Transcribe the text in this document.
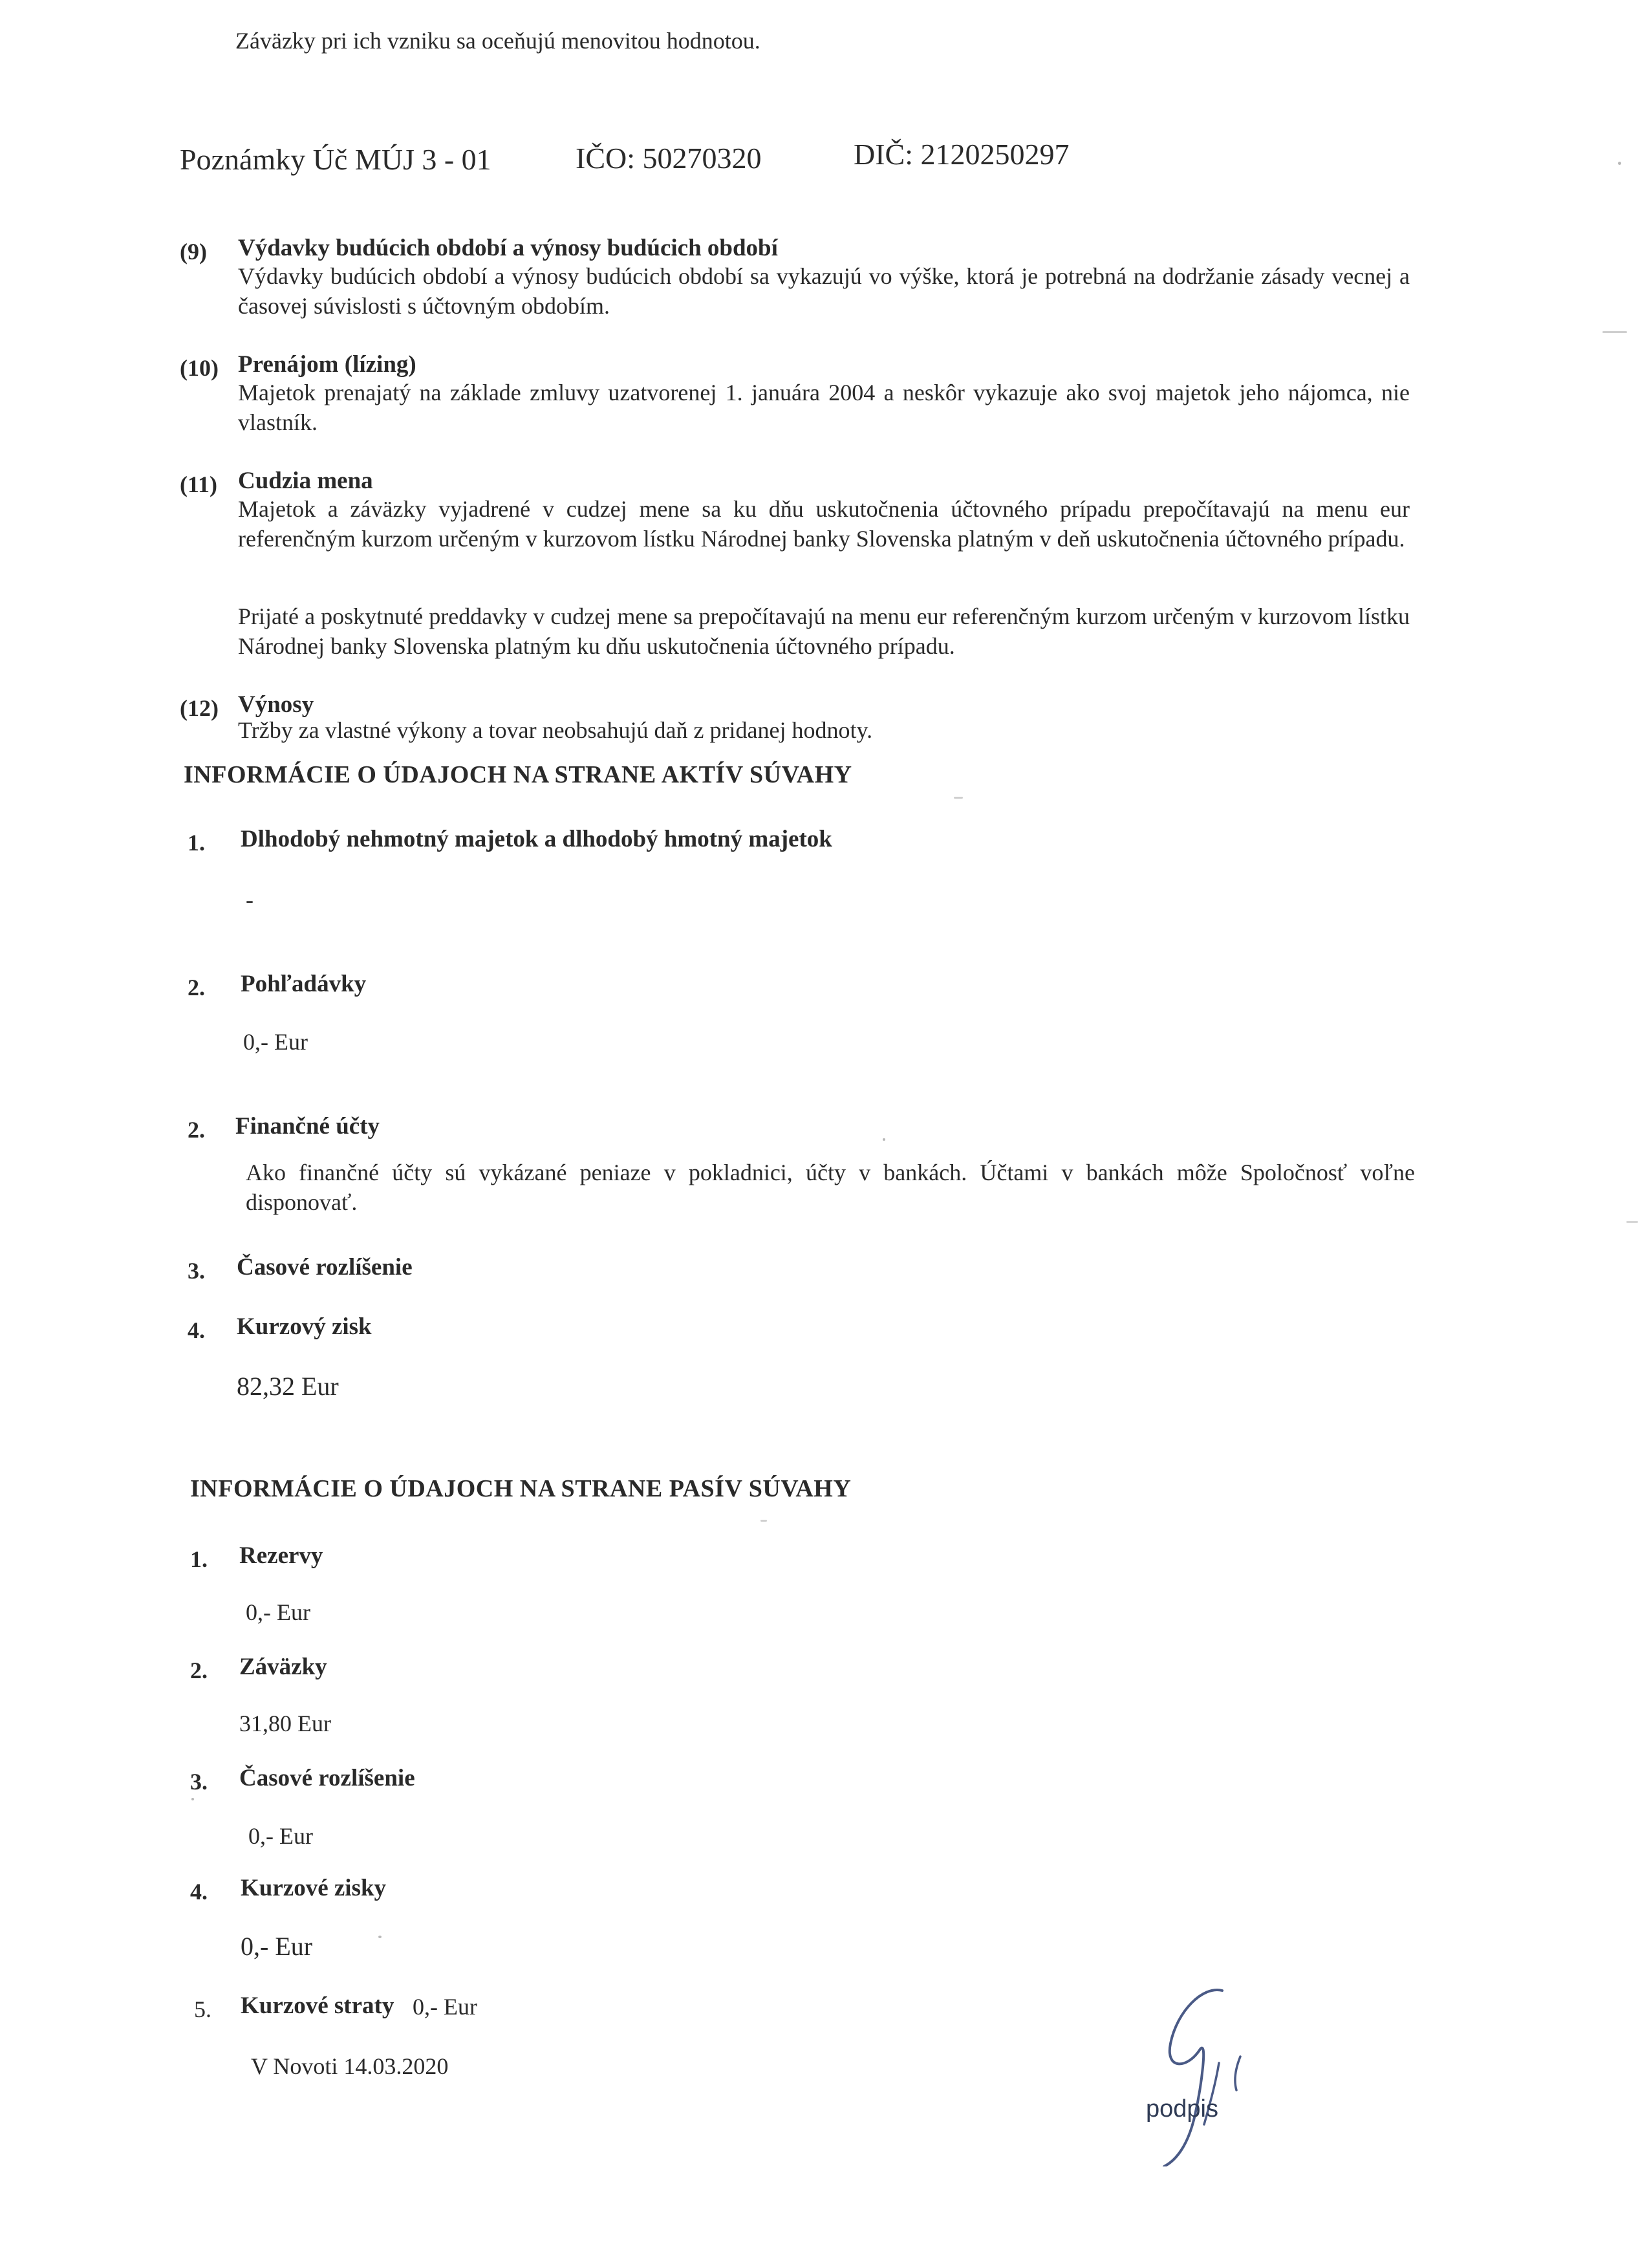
Záväzky pri ich vzniku sa oceňujú menovitou hodnotou.
Poznámky Úč MÚJ 3 - 01	IČO: 50270320	DIČ: 2120250297
(9) Výdavky budúcich období a výnosy budúcich období
Výdavky budúcich období a výnosy budúcich období sa vykazujú vo výške, ktorá je potrebná na dodržanie zásady vecnej a časovej súvislosti s účtovným obdobím.
(10) Prenájom (lízing)
Majetok prenajatý na základe zmluvy uzatvorenej 1. januára 2004 a neskôr vykazuje ako svoj majetok jeho nájomca, nie vlastník.
(11) Cudzia mena
Majetok a záväzky vyjadrené v cudzej mene sa ku dňu uskutočnenia účtovného prípadu prepočítavajú na menu eur referenčným kurzom určeným v kurzovom lístku Národnej banky Slovenska platným v deň uskutočnenia účtovného prípadu.
Prijaté a poskytnuté preddavky v cudzej mene sa prepočítavajú na menu eur referenčným kurzom určeným v kurzovom lístku Národnej banky Slovenska platným ku dňu uskutočnenia účtovného prípadu.
(12) Výnosy
Tržby za vlastné výkony a tovar neobsahujú daň z pridanej hodnoty.
INFORMÁCIE O ÚDAJOCH NA STRANE AKTÍV SÚVAHY
1. Dlhodobý nehmotný majetok a dlhodobý hmotný majetok
-
2. Pohľadávky
0,- Eur
2. Finančné účty
Ako finančné účty sú vykázané peniaze v pokladnici, účty v bankách. Účtami v bankách môže Spoločnosť voľne disponovať.
3. Časové rozlíšenie
4. Kurzový zisk
82,32 Eur
INFORMÁCIE O ÚDAJOCH NA STRANE PASÍV SÚVAHY
1. Rezervy
0,- Eur
2. Záväzky
31,80 Eur
3. Časové rozlíšenie
0,- Eur
4. Kurzové zisky
0,- Eur
5. Kurzové straty 0,- Eur
V Novoti 14.03.2020
podpis
